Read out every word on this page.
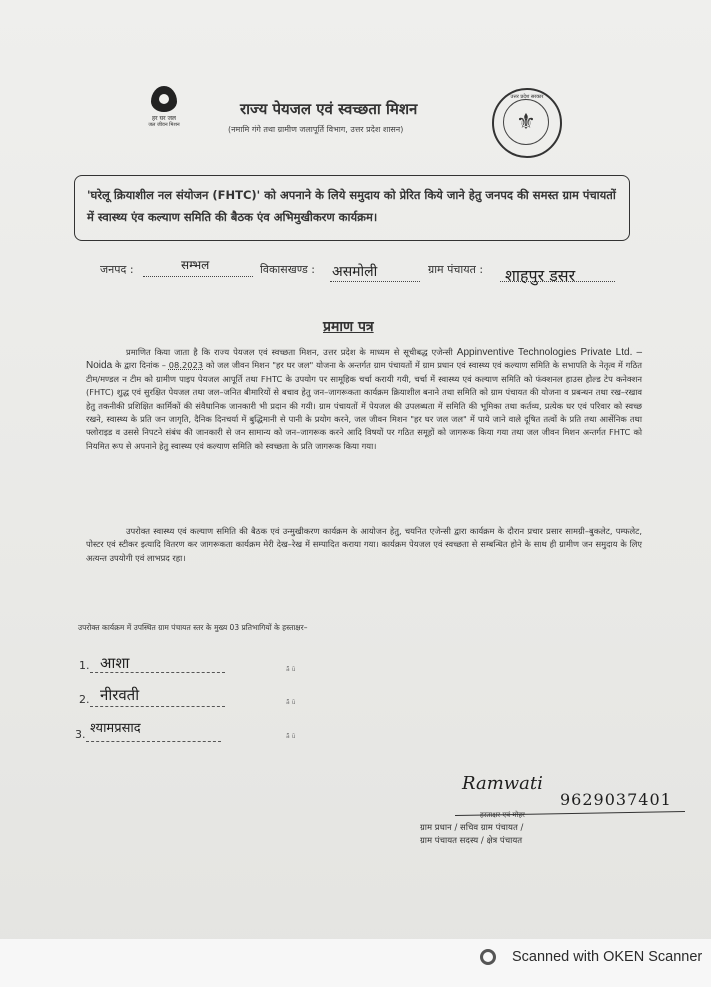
हर घर जल
जल जीवन मिशन
राज्य पेयजल एवं स्वच्छता मिशन
(नमामि गंगे तथा ग्रामीण जलापूर्ति विभाग, उत्तर प्रदेश शासन)
उत्तर प्रदेश सरकार
⚜
'घरेलू क्रियाशील नल संयोजन (FHTC)' को अपनाने के लिये समुदाय को प्रेरित किये जाने हेतु जनपद की समस्त ग्राम पंचायतों में स्वास्थ्य एंव कल्याण समिति की बैठक एंव अभिमुखीकरण कार्यक्रम।
जनपद :	सम्भल	विकासखण्ड : असमोली	ग्राम पंचायत : शाहपुर डसर
प्रमाण पत्र
प्रमाणित किया जाता है कि राज्य पेयजल एवं स्वच्छता मिशन, उत्तर प्रदेश के माध्यम से सूचीबद्ध एजेन्सी Appinventive Technologies Private Ltd. – Noida के द्वारा दिनांक – 08.2023 को जल जीवन मिशन "हर घर जल" योजना के अन्तर्गत ग्राम पंचायतों में ग्राम प्रधान एवं स्वास्थ्य एवं कल्याण समिति के सभापति के नेतृत्व में गठित टीम/मण्डल न टीम को ग्रामीण पाइप पेयजल आपूर्ति तथा FHTC के उपयोग पर सामूहिक चर्चा करायी गयी, चर्चा में स्वास्थ्य एवं कल्याण समिति को फंक्शनल हाउस होल्ड टेप कनेक्शन (FHTC) शुद्ध एवं सुरक्षित पेयजल तथा जल–जनित बीमारियों से बचाव हेतु जन–जागरूकता कार्यक्रम क्रियाशील बनाने तथा समिति को ग्राम पंचायत की योजना व प्रबन्धन तथा रख–रखाव हेतु तकनीकी प्रशिक्षित कार्मिकों की संवैधानिक जानकारी भी प्रदान की गयी। ग्राम पंचायतों में पेयजल की उपलब्धता में समिति की भूमिका तथा कर्तव्य, प्रत्येक घर एवं परिवार को स्वच्छ रखने, स्वास्थ्य के प्रति जन जागृति, दैनिक दिनचर्या में बुद्धिमानी से पानी के प्रयोग करने, जल जीवन मिशन "हर घर जल जल" में पाये जाने वाले दूषित तत्वों के प्रति तथा आर्सेनिक तथा फ्लोराइड व उससे निपटने संबंध की जानकारी से जन सामान्य को जन–जागरूक करने आदि विषयों पर गठित समूहों को जागरूक किया गया तथा जल जीवन मिशन अन्तर्गत FHTC को नियमित रूप से अपनाने हेतु स्वास्थ्य एवं कल्याण समिति को स्वच्छता के प्रति जागरूक किया गया।
उपरोक्त स्वास्थ्य एवं कल्याण समिति की बैठक एवं उन्मुखीकरण कार्यक्रम के आयोजन हेतु, चयनित एजेन्सी द्वारा कार्यक्रम के दौरान प्रचार प्रसार सामग्री–बुकलेट, पम्फलेट, पोस्टर एवं स्टीकर इत्यादि वितरण कर जागरूकता कार्यक्रम मेरी देख–रेख में सम्पादित कराया गया। कार्यक्रम पेयजल एवं स्वच्छता से सम्बन्धित होने के साथ ही ग्रामीण जन समुदाय के लिए अत्यन्त उपयोगी एवं लाभप्रद रहा।
उपरोक्त कार्यक्रम में उपस्थित ग्राम पंचायत स्तर के मुख्य 03 प्रतिभागियों के हस्ताक्षर–
1. आशा	ā̄ ū
2. नीरवती	ā̄ ū
3. श्यामप्रसाद
ā̄ ū
Ramwati
9629037401
हस्ताक्षर एवं मोहर
ग्राम प्रधान / सचिव ग्राम पंचायत /
ग्राम पंचायत सदस्य / क्षेत्र पंचायत
Scanned with OKEN Scanner
